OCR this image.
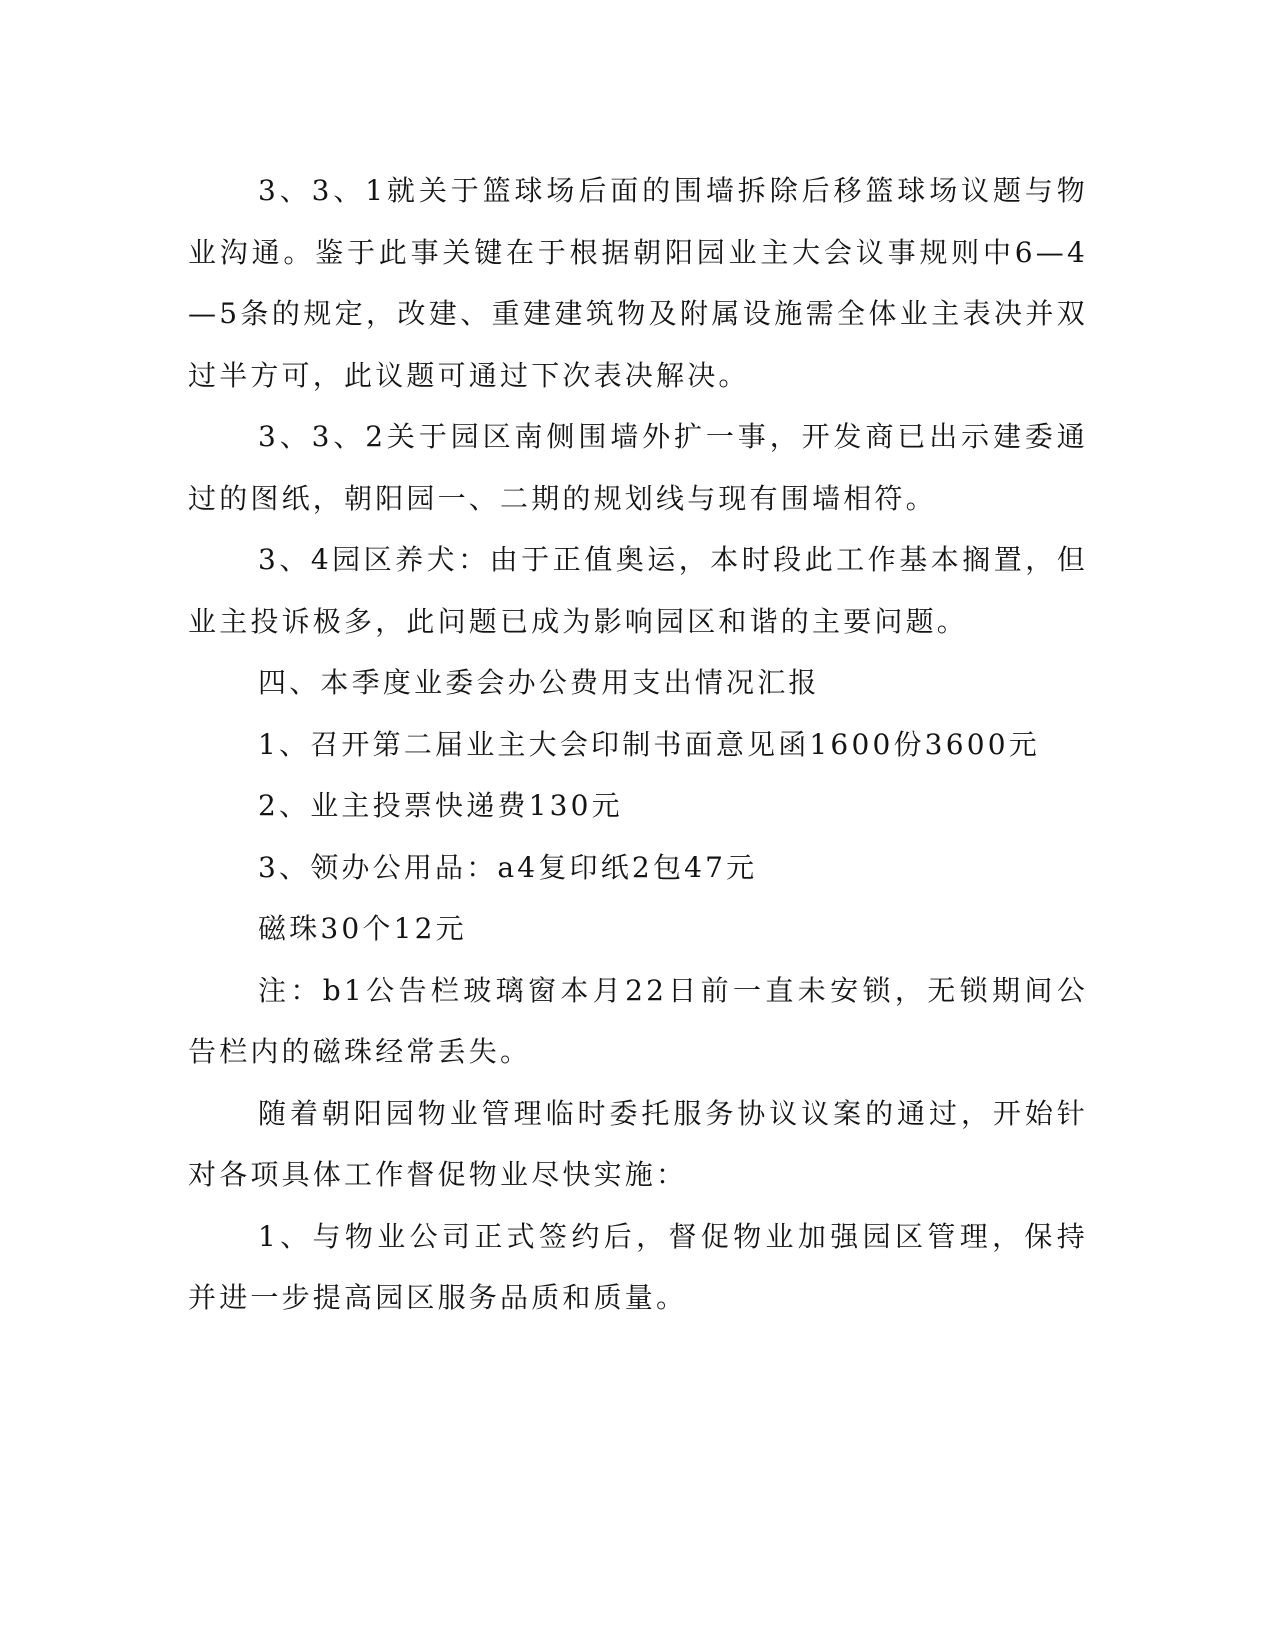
3、3、1就关于篮球场后面的围墙拆除后移篮球场议题与物业沟通。鉴于此事关键在于根据朝阳园业主大会议事规则中6—4—5条的规定，改建、重建建筑物及附属设施需全体业主表决并双过半方可，此议题可通过下次表决解决。

3、3、2关于园区南侧围墙外扩一事，开发商已出示建委通过的图纸，朝阳园一、二期的规划线与现有围墙相符。

3、4园区养犬：由于正值奥运，本时段此工作基本搁置，但业主投诉极多，此问题已成为影响园区和谐的主要问题。

四、本季度业委会办公费用支出情况汇报

1、召开第二届业主大会印制书面意见函1600份3600元

2、业主投票快递费130元

3、领办公用品：a4复印纸2包47元

磁珠30个12元

注：b1公告栏玻璃窗本月22日前一直未安锁，无锁期间公告栏内的磁珠经常丢失。

随着朝阳园物业管理临时委托服务协议议案的通过，开始针对各项具体工作督促物业尽快实施：

1、与物业公司正式签约后，督促物业加强园区管理，保持并进一步提高园区服务品质和质量。
